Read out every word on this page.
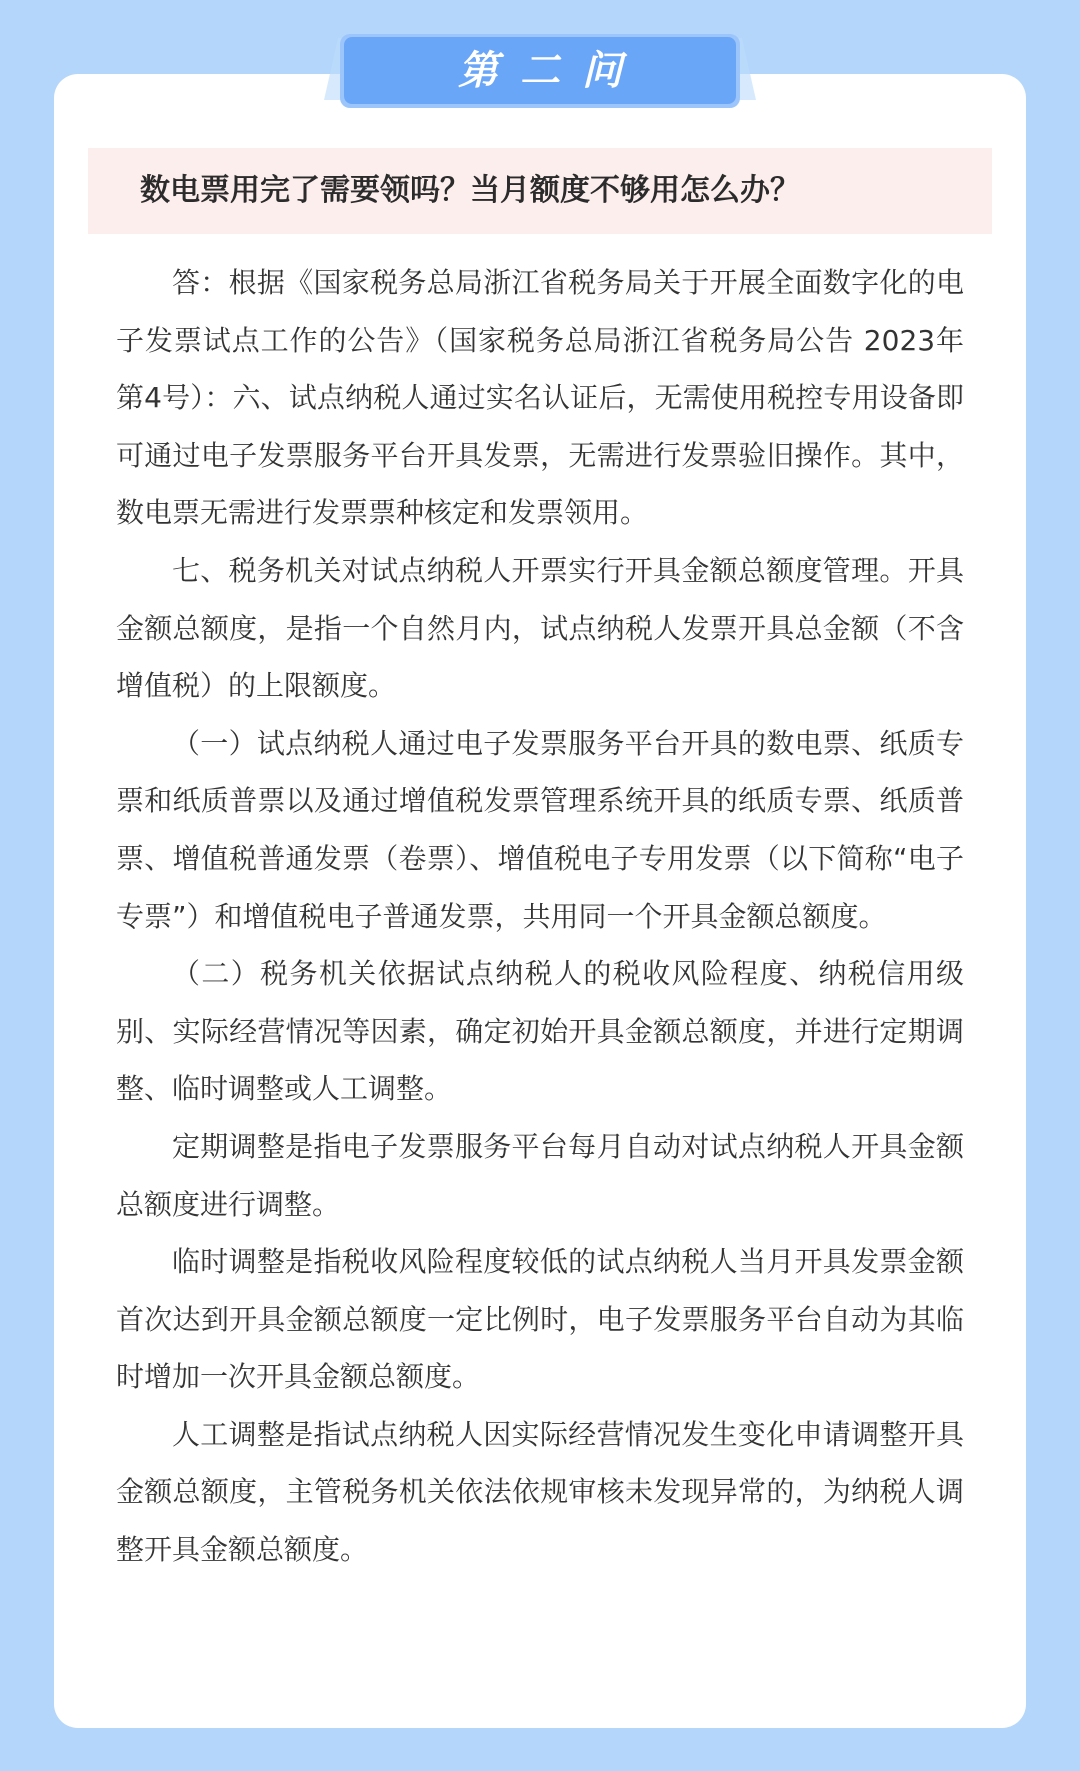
第二问
数电票用完了需要领吗？当月额度不够用怎么办？

答：根据《国家税务总局浙江省税务局关于开展全面数字化的电子发票试点工作的公告》（国家税务总局浙江省税务局公告 2023年第4号）：六、试点纳税人通过实名认证后，无需使用税控专用设备即可通过电子发票服务平台开具发票，无需进行发票验旧操作。其中，数电票无需进行发票票种核定和发票领用。

七、税务机关对试点纳税人开票实行开具金额总额度管理。开具金额总额度，是指一个自然月内，试点纳税人发票开具总金额（不含增值税）的上限额度。

（一）试点纳税人通过电子发票服务平台开具的数电票、纸质专票和纸质普票以及通过增值税发票管理系统开具的纸质专票、纸质普票、增值税普通发票（卷票）、增值税电子专用发票（以下简称“电子专票”）和增值税电子普通发票，共用同一个开具金额总额度。

（二）税务机关依据试点纳税人的税收风险程度、纳税信用级别、实际经营情况等因素，确定初始开具金额总额度，并进行定期调整、临时调整或人工调整。

定期调整是指电子发票服务平台每月自动对试点纳税人开具金额总额度进行调整。

临时调整是指税收风险程度较低的试点纳税人当月开具发票金额首次达到开具金额总额度一定比例时，电子发票服务平台自动为其临时增加一次开具金额总额度。

人工调整是指试点纳税人因实际经营情况发生变化申请调整开具金额总额度，主管税务机关依法依规审核未发现异常的，为纳税人调整开具金额总额度。
